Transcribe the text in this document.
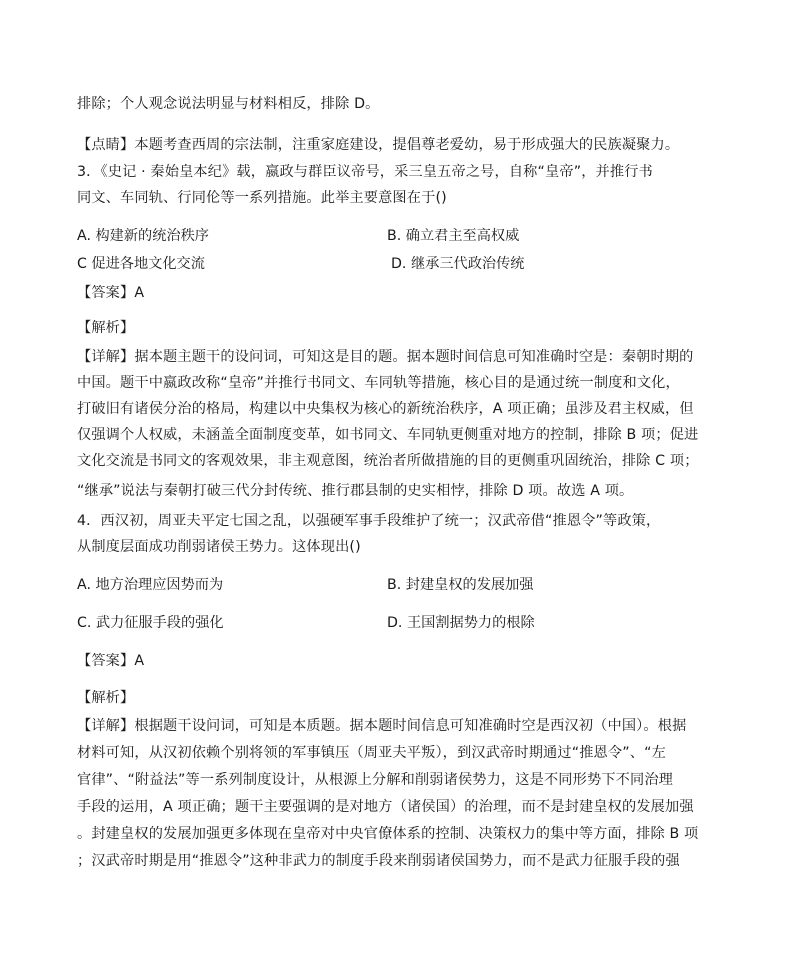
排除；个人观念说法明显与材料相反，排除 D。
【点睛】本题考查西周的宗法制，注重家庭建设，提倡尊老爱幼，易于形成强大的民族凝聚力。
3．《史记 · 秦始皇本纪》载，嬴政与群臣议帝号，采三皇五帝之号，自称“皇帝”，并推行书
同文、车同轨、行同伦等一系列措施。此举主要意图在于()
A. 构建新的统治秩序	B. 确立君主至高权威
C 促进各地文化交流	D. 继承三代政治传统
【答案】A
【解析】
【详解】据本题主题干的设问词，可知这是目的题。据本题时间信息可知准确时空是：秦朝时期的
中国。题干中嬴政改称“皇帝”并推行书同文、车同轨等措施，核心目的是通过统一制度和文化，
打破旧有诸侯分治的格局，构建以中央集权为核心的新统治秩序，A 项正确；虽涉及君主权威，但
仅强调个人权威，未涵盖全面制度变革，如书同文、车同轨更侧重对地方的控制，排除 B 项；促进
文化交流是书同文的客观效果，非主观意图，统治者所做措施的目的更侧重巩固统治，排除 C 项；
“继承”说法与秦朝打破三代分封传统、推行郡县制的史实相悖，排除 D 项。故选 A 项。
4．西汉初，周亚夫平定七国之乱，以强硬军事手段维护了统一；汉武帝借“推恩令”等政策，
从制度层面成功削弱诸侯王势力。这体现出()
A. 地方治理应因势而为	B. 封建皇权的发展加强
C. 武力征服手段的强化	D. 王国割据势力的根除
【答案】A
【解析】
【详解】根据题干设问词，可知是本质题。据本题时间信息可知准确时空是西汉初（中国）。根据
材料可知，从汉初依赖个别将领的军事镇压（周亚夫平叛），到汉武帝时期通过“推恩令”、“左
官律”、“附益法”等一系列制度设计，从根源上分解和削弱诸侯势力，这是不同形势下不同治理
手段的运用，A 项正确；题干主要强调的是对地方（诸侯国）的治理，而不是封建皇权的发展加强
。封建皇权的发展加强更多体现在皇帝对中央官僚体系的控制、决策权力的集中等方面，排除 B 项
；汉武帝时期是用“推恩令”这种非武力的制度手段来削弱诸侯国势力，而不是武力征服手段的强
